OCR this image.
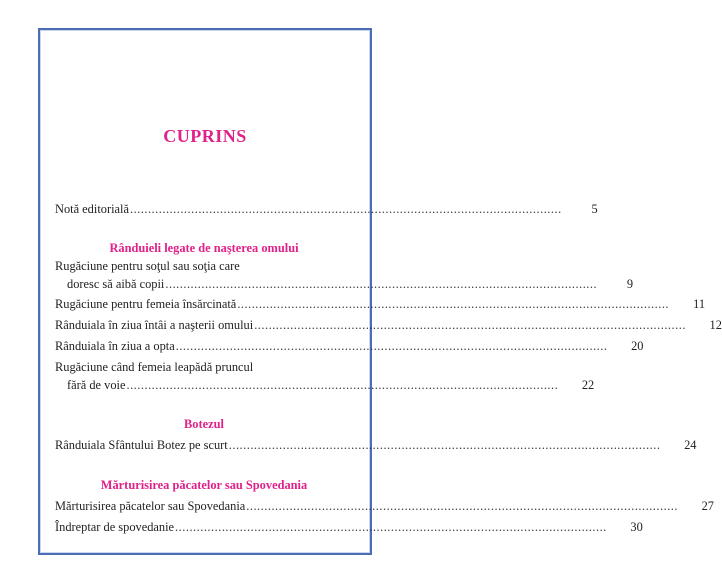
CUPRINS
Notă editorială ........................................................................................................................	5
Rânduieli legate de naşterea omului
Rugăciune pentru soţul sau soţia care
doresc să aibă copii ........................................................................................................................	9
Rugăciune pentru femeia însărcinată ........................................................................................................................	11
Rânduiala în ziua întâi a naşterii omului ........................................................................................................................	12
Rânduiala în ziua a opta ........................................................................................................................	20
Rugăciune când femeia leapădă pruncul
fără de voie ........................................................................................................................	22
Botezul
Rânduiala Sfântului Botez pe scurt ........................................................................................................................	24
Mărturisirea păcatelor sau Spovedania
Mărturisirea păcatelor sau Spovedania ........................................................................................................................	27
Îndreptar de spovedanie ........................................................................................................................	30
